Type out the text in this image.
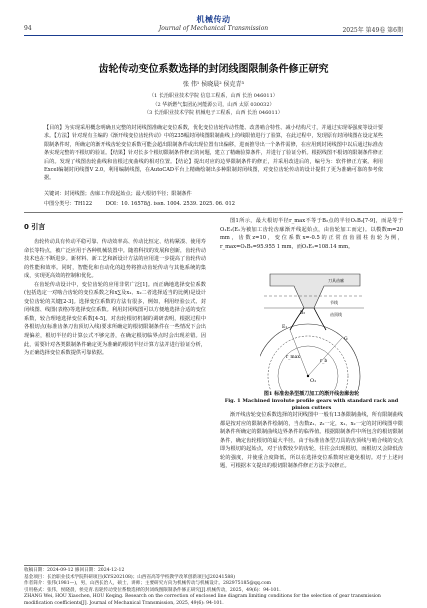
机械传动
94	Journal of Mechanical Transmission	2025年 第49卷 第6期
齿轮传动变位系数选择的封闭线图限制条件修正研究
张 伟¹ 侯晓晨² 侯克青³
（1 长治职业技术学院 信息工程系，山西 长治 046011）
（2 华新燃气集团沁河能源公司，山西 太原 030032）
（3 长治职业技术学院 机械电子工程系，山西 长治 046011）
【目的】为实现采用概念明确且完整的封闭线图准确定变位系数，优化变位齿轮传动性能、改善啮合特性、减小结构尺寸，并通过实现零强度等设计要求。【方法】针对现有主编的《渐开线变位齿轮传动》中的235幅封闭线图限制曲线上的线限值进行了验算，在此过程中，发现原有封闭线图在设定某些限制条件时，所确定的渐开线齿轮变位系数可能会超出限制条件或出现位置有出偏移，进而推导出一个条件需修，在应用到封闭线图中以后通过标准齿条实现完整的不根切的验证。【结果】针对长多个根切限制条件修正的问题，建立了精确验算条件，并进行了验证分析。根据线图不根切的限制条件修正后的。发现了线图齿轮曲线和齿根过度曲线的相对位置。【结论】提出对应的边界限制条件的修正，并采用改进后的，编号为：软件修正方案。利用Excel编制封闭线图V 2.0，利用编制线图，在AutoCAD平台上精确绘制出多种限制封闭线图，对变位齿轮传动的设计提供了更为准确可靠的参考依据。
关键词：封闭线图；齿廓工作段起始点；最大根切半径；限制条件
中图分类号：TH122	DOI：10. 16578/j. issn. 1004. 2539. 2025. 06. 012
0 引言

齿轮传动具有传动平稳可靠、传动效率高、传动比恒定、结构紧凑、使用寿命长等特点，被广泛应用于各种机械装置中。随着科技的发展和创新，齿轮传动技术也在不断进步。新材料、新工艺和新设计方法的应用进一步提高了齿轮传动的性能和效率。同时，智能化和自动化的趋势将推动齿轮传动与其他系统的集成，实现更高效的控制和优化。

在齿轮传动设计中，变位齿轮的应用非常广泛[1]。而正确地选择变位系数(包括选定一对啮合齿轮的变位系数之和x∑及x₁、x₂二者选择适当的比例)是设计变位齿轮的关键[2-3]。选择变位系数的方法有很多，例如，利用经验公式、封闭线图、线图(表格)等选择变位系数。利用封闭线图可以方便地选择合适的变位系数，较合理地选择变位系数[4-5]。对齿轮根切机制的调研表明，根据过程中各根切点(标准齿条刀齿顶切入线)要求所确定的根切限制条件在一些情况下会出现偏差，根切半径的计算公式不够完善，在确定根切临界点时会出现差错。因此，需要针对各类限制条件确定更为准确的根切半径计算方法并进行验证分析，为正确选择变位系数提供可靠依据。

图1所示，最大根切半径r_max不等于B₂点的半径O₁B₂[7-9]，而是等于O₁E₁(E₁为被加工齿轮齿廓渐开线起始点，由齿轮加工而定)。以模数m=20 mm，齿数z=10，变位系数x=-0.5的正常直齿圆柱齿轮为例，r_max=O₁B₂=95.955 1 mm，而O₁E₁=108.14 mm。

O₁
E₁
B₂
G
r_b
r_max
节线
齿顶线
刀具齿廓
图1 标准齿条型插刀加工的渐开线齿廓齿轮
Fig. 1 Machined involute profile gears with standard rack and pinion cutters

渐开线齿轮变位系数选择的封闭线图中一般有13条限制曲线，所有限制曲线都是按对应的限制条件绘制的，当齿数z₁、z₂一定，x₁、x₂一定的封闭线图中限制条件所确定的限制曲线边界条件的临界值。根据限制条件中所包含的根切限制条件，确定齿轮根切的最大半径。由于标准齿条型刀具的齿顶线与啮合线的交点即为根切的起始点，对于齿数较少的齿轮，往往会出现根切，而根切又会降低齿轮的强度，并使重合度降低，所以在选择变位系数时应避免根切。对于上述问题，可根据本文提出的根切限制条件修正方法予以修正。

收稿日期：2024-09-12 修回日期：2024-12-12
基金项目：长治职业技术学院科研项目(KYS202108)；山西省高等学校教学改革创新项目(J20241588)
作者简介：张伟(1981—)，男，山西长治人，硕士，讲师；主要研究方向为机械传动与机械设计。282975185@qq.com
引用格式：张伟，侯晓晨，侯克青.齿轮传动变位系数选择的封闭线图限制条件修正研究[J].机械传动，2025，49(6)：94-101.
ZHANG Wei, HOU Xiaochen, HOU Keqing. Research on the correction of enclosed line diagram limiting conditions for the selection of gear transmission modification coefficients[J]. Journal of Mechanical Transmission, 2025, 49(6): 94-101.
